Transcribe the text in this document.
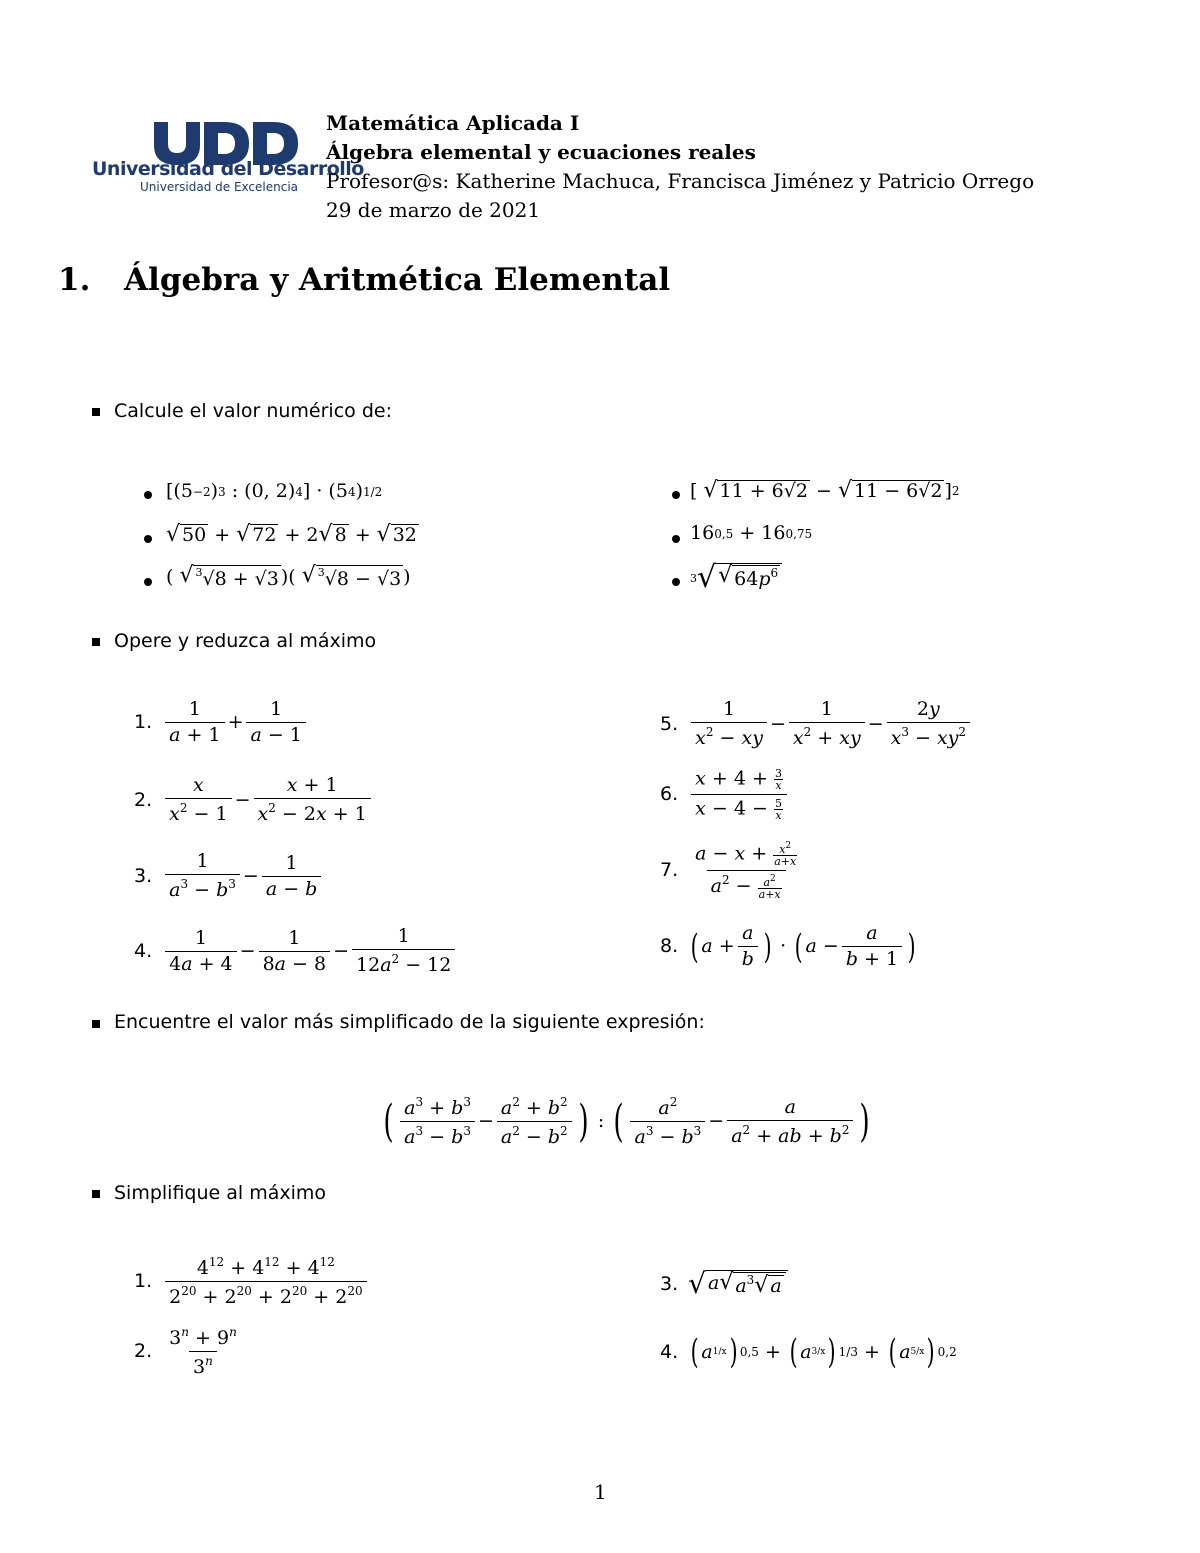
Universidad del Desarrollo
Universidad de Excelencia
Matemática Aplicada I
Álgebra elemental y ecuaciones reales
Profesor@s: Katherine Machuca, Francisca Jiménez y Patricio Orrego
29 de marzo de 2021
1. Álgebra y Aritmética Elemental
Calcule el valor numérico de:
[(5 −2 ) 3 : (0, 2) 4 ] · (5 4 ) 1/2
√ 50 + √ 72 + 2 √ 8 + √ 32
( √ $^3$√8 + √3 )( √ $^3$√8 − √3 )
[ √ 11 + 6√2 − √ 11 − 6√2 ] 2
16 0,5 + 16 0,75
3 √ √ $64p^6$
Opere y reduzca al máximo
1. $\frac{1}{a + 1} + \frac{1}{a - 1}$
2. $\frac{x}{x^2 - 1} - \frac{x + 1}{x^2 - 2x + 1}$
3. $\frac{1}{a^3 - b^3} - \frac{1}{a - b}$
4. $\frac{1}{4a + 4} - \frac{1}{8a - 8} - \frac{1}{12a^2 - 12}$
5. $\frac{1}{x^2 - xy} - \frac{1}{x^2 + xy} - \frac{2y}{x^3 - xy^2}$
6. $\frac{x + 4 + \frac{3}{x}}{x - 4 - \frac{5}{x}}$
7. $\frac{a - x + \frac{x^2}{a+x}}{a^2 - \frac{a^2}{a+x}}$
8. ( $a + \frac{a}{b}$ ) · ( $a - \frac{a}{b + 1}$ )
Encuentre el valor más simplificado de la siguiente expresión:
( $\frac{a^3 + b^3}{a^3 - b^3} - \frac{a^2 + b^2}{a^2 - b^2}$ ) : ( $\frac{a^2}{a^3 - b^3} - \frac{a}{a^2 + ab + b^2}$ )
Simplifique al máximo
1. $\frac{4^{12} + 4^{12} + 4^{12}}{2^{20} + 2^{20} + 2^{20} + 2^{20}}$
2. $\frac{3^n + 9^n}{3^n}$
3. √ a √ $a^3$ √ a
4. ( a 1/x ) 0,5 + ( a 3/x ) 1/3 + ( a 5/x ) 0,2
1
